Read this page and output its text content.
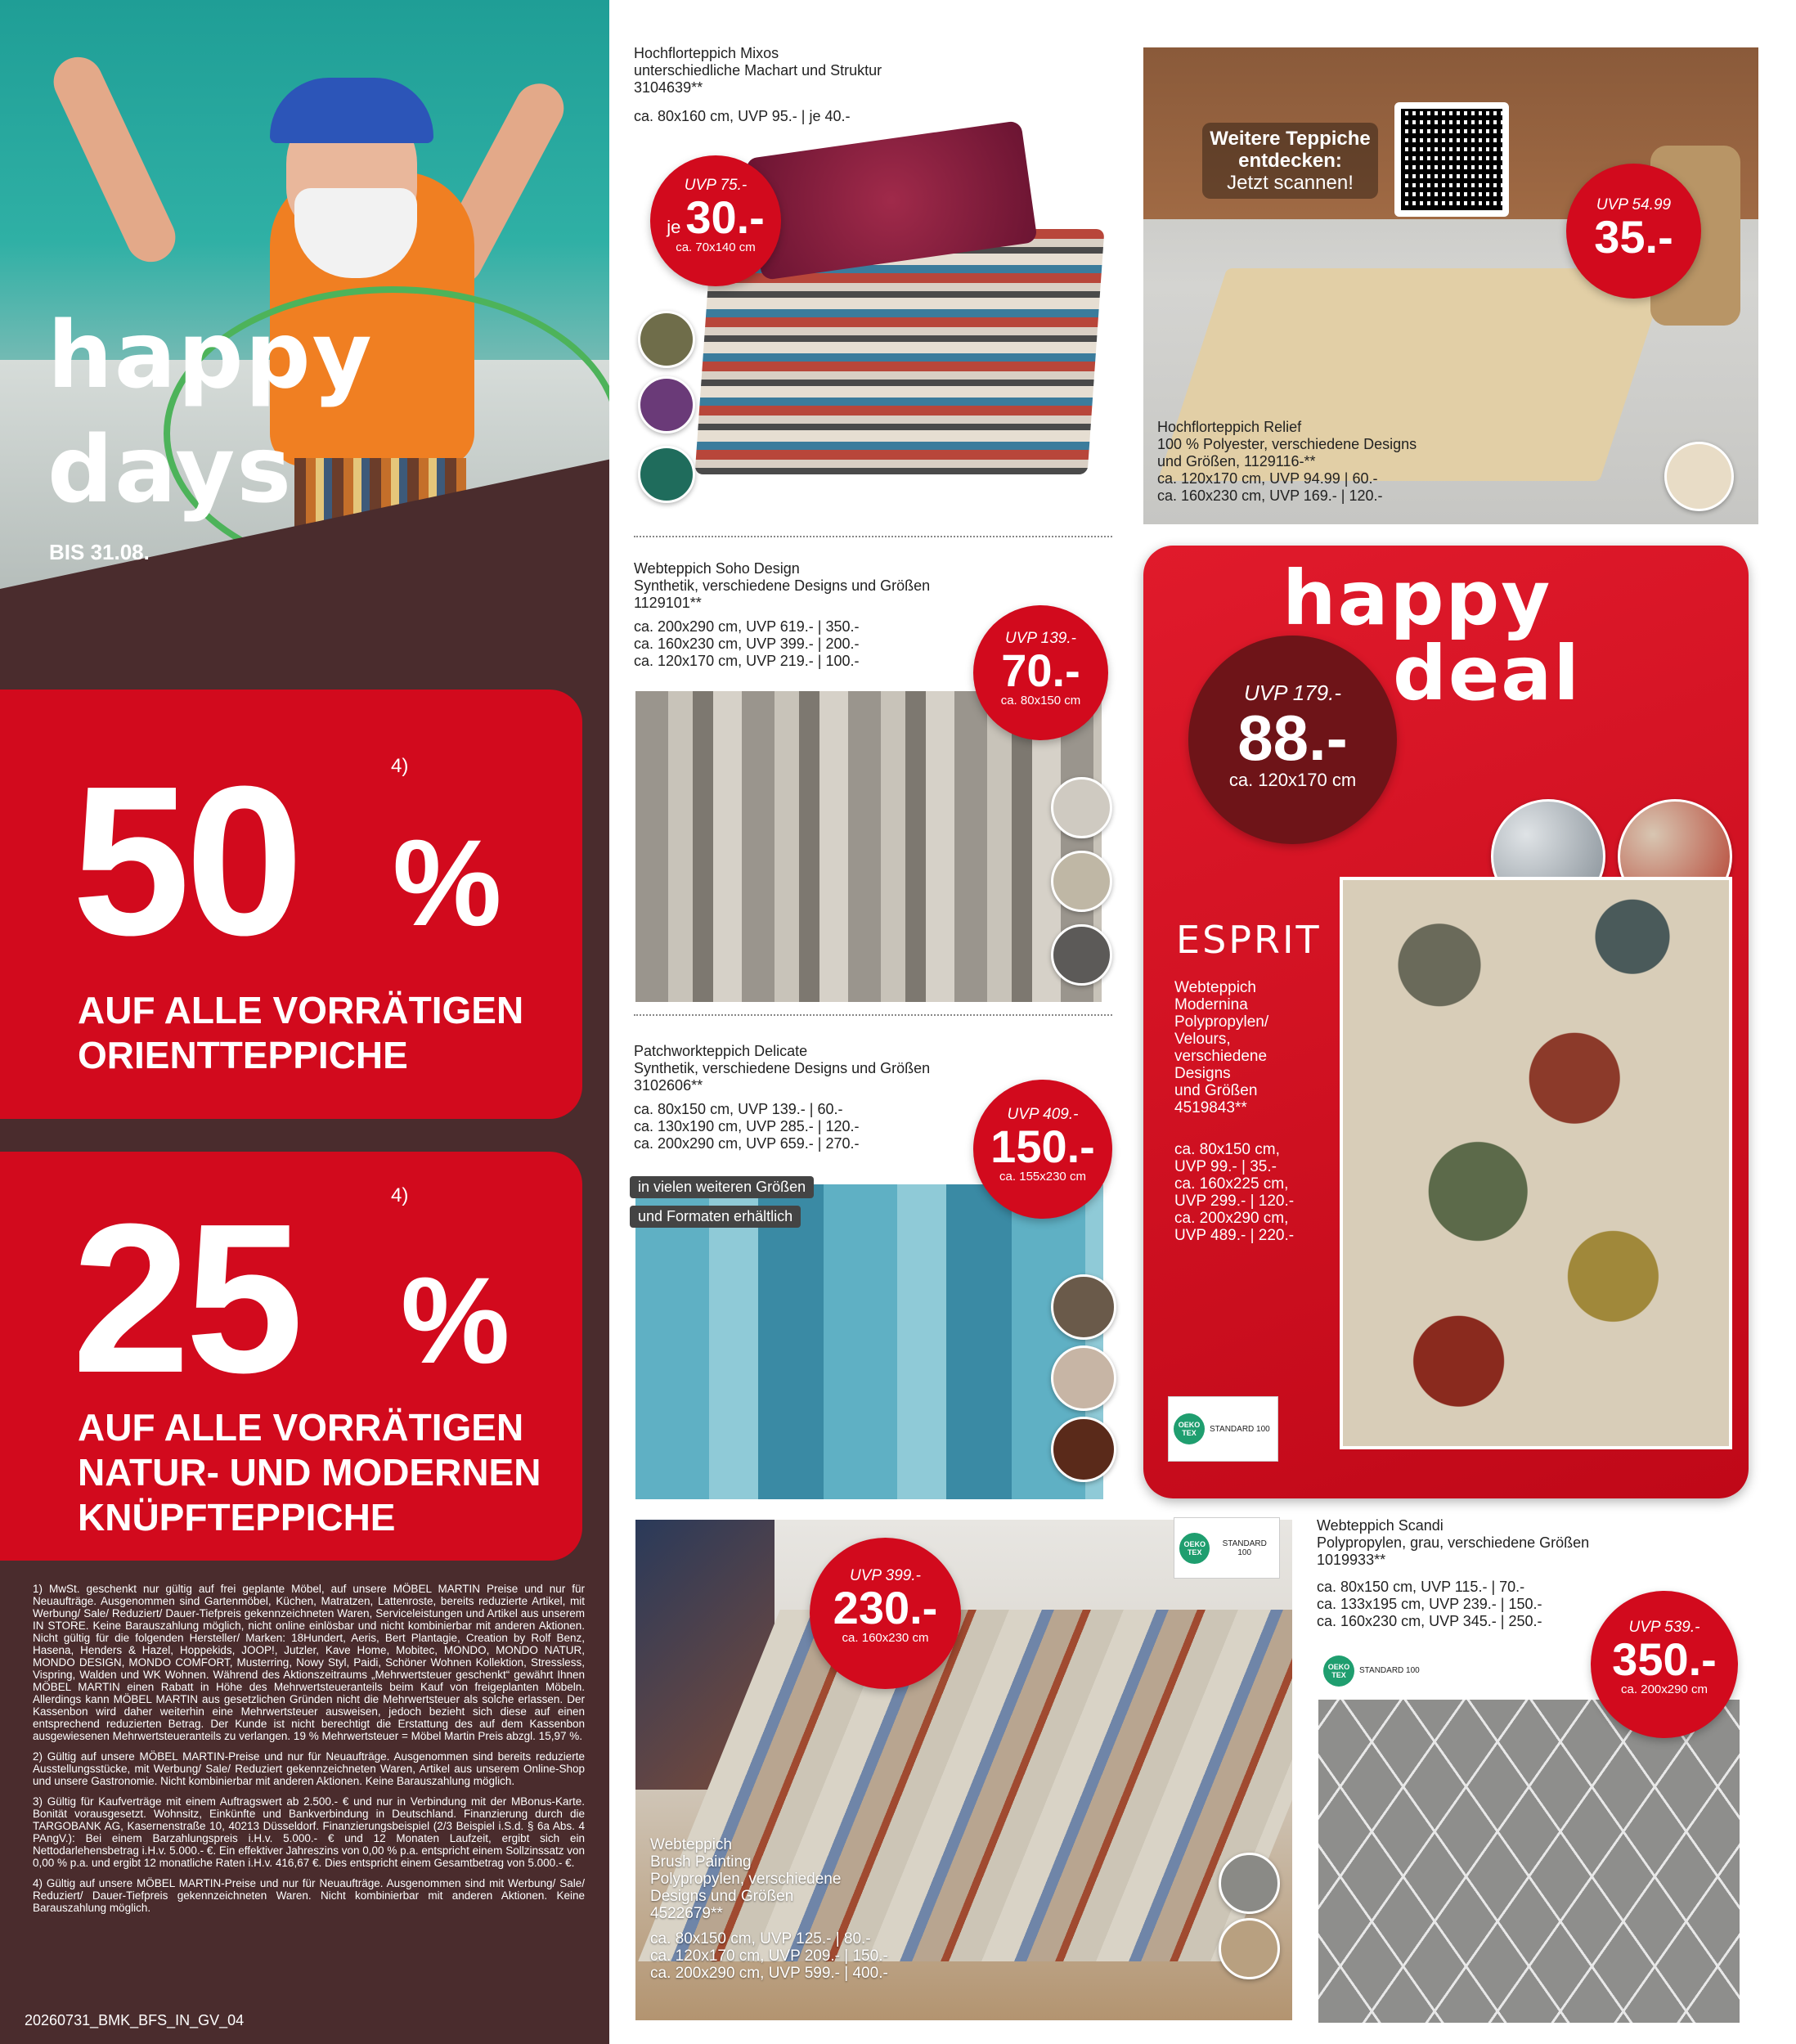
happy
days
BIS 31.08.
50 %
4)
AUF ALLE VORRÄTIGEN
ORIENTTEPPICHE
25 %
4)
AUF ALLE VORRÄTIGEN
NATUR- UND MODERNEN
KNÜPFTEPPICHE

1) MwSt. geschenkt nur gültig auf frei geplante Möbel, auf unsere MÖBEL MARTIN Preise und nur für Neuaufträge. Ausgenommen sind Gartenmöbel, Küchen, Matratzen, Lattenroste, bereits reduzierte Artikel, mit Werbung/ Sale/ Reduziert/ Dauer-Tiefpreis gekennzeichneten Waren, Serviceleistungen und Artikel aus unserem IN STORE. Keine Barauszahlung möglich, nicht online einlösbar und nicht kombinierbar mit anderen Aktionen. Nicht gültig für die folgenden Hersteller/ Marken: 18Hundert, Aeris, Bert Plantagie, Creation by Rolf Benz, Hasena, Henders & Hazel, Hoppekids, JOOP!, Jutzler, Kave Home, Mobitec, MONDO, MONDO NATUR, MONDO DESIGN, MONDO COMFORT, Musterring, Nowy Styl, Paidi, Schöner Wohnen Kollektion, Stressless, Vispring, Walden und WK Wohnen. Während des Aktionszeitraums „Mehrwertsteuer geschenkt“ gewährt Ihnen MÖBEL MARTIN einen Rabatt in Höhe des Mehrwertsteueranteils beim Kauf von freigeplanten Möbeln. Allerdings kann MÖBEL MARTIN aus gesetzlichen Gründen nicht die Mehrwertsteuer als solche erlassen. Der Kassenbon wird daher weiterhin eine Mehrwertsteuer ausweisen, jedoch bezieht sich diese auf einen entsprechend reduzierten Betrag. Der Kunde ist nicht berechtigt die Erstattung des auf dem Kassenbon ausgewiesenen Mehrwertsteueranteils zu verlangen. 19 % Mehrwertsteuer = Möbel Martin Preis abzgl. 15,97 %.

2) Gültig auf unsere MÖBEL MARTIN-Preise und nur für Neuaufträge. Ausgenommen sind bereits reduzierte Ausstellungsstücke, mit Werbung/ Sale/ Reduziert gekennzeichneten Waren, Artikel aus unserem Online-Shop und unsere Gastronomie. Nicht kombinierbar mit anderen Aktionen. Keine Barauszahlung möglich.

3) Gültig für Kaufverträge mit einem Auftragswert ab 2.500.- € und nur in Verbindung mit der MBonus-Karte. Bonität vorausgesetzt. Wohnsitz, Einkünfte und Bankverbindung in Deutschland. Finanzierung durch die TARGOBANK AG, Kasernenstraße 10, 40213 Düsseldorf. Finanzierungsbeispiel (2/3 Beispiel i.S.d. § 6a Abs. 4 PAngV.): Bei einem Barzahlungspreis i.H.v. 5.000.- € und 12 Monaten Laufzeit, ergibt sich ein Nettodarlehensbetrag i.H.v. 5.000.- €. Ein effektiver Jahreszins von 0,00 % p.a. entspricht einem Sollzinssatz von 0,00 % p.a. und ergibt 12 monatliche Raten i.H.v. 416,67 €. Dies entspricht einem Gesamtbetrag von 5.000.- €.

4) Gültig auf unsere MÖBEL MARTIN-Preise und nur für Neuaufträge. Ausgenommen sind mit Werbung/ Sale/ Reduziert/ Dauer-Tiefpreis gekennzeichneten Waren. Nicht kombinierbar mit anderen Aktionen. Keine Barauszahlung möglich.

20260731_BMK_BFS_IN_GV_04
Hochflorteppich Mixos
unterschiedliche Machart und Struktur
3104639**
ca. 80x160 cm, UVP 95.- | je 40.-
UVP 75.-
je 30.-
ca. 70x140 cm
Weitere Teppiche
entdecken:
Jetzt scannen!
UVP 54.99
35.-
Hochflorteppich Relief
100 % Polyester, verschiedene Designs
und Größen, 1129116-**
ca. 120x170 cm, UVP 94.99 | 60.-
ca. 160x230 cm, UVP 169.- | 120.-
Webteppich Soho Design
Synthetik, verschiedene Designs und Größen
1129101**
ca. 200x290 cm, UVP 619.- | 350.-
ca. 160x230 cm, UVP 399.- | 200.-
ca. 120x170 cm, UVP 219.- | 100.-
UVP 139.-
70.-
ca. 80x150 cm
happy
deal
UVP 179.-
88.-
ca. 120x170 cm
ESPRIT
Webteppich
Modernina
Polypropylen/
Velours,
verschiedene
Designs
und Größen
4519843**
ca. 80x150 cm,
UVP 99.- | 35.-
ca. 160x225 cm,
UVP 299.- | 120.-
ca. 200x290 cm,
UVP 489.- | 220.-
OEKO TEX	STANDARD 100
Patchworkteppich Delicate
Synthetik, verschiedene Designs und Größen
3102606**
ca. 80x150 cm, UVP 139.- | 60.-
ca. 130x190 cm, UVP 285.- | 120.-
ca. 200x290 cm, UVP 659.- | 270.-
in vielen weiteren Größen
und Formaten erhältlich
UVP 409.-
150.-
ca. 155x230 cm
UVP 399.-
230.-
ca. 160x230 cm
OEKO TEX
STANDARD 100
Webteppich
Brush Painting
Polypropylen, verschiedene
Designs und Größen
4522679**
ca. 80x150 cm, UVP 125.- | 80.-
ca. 120x170 cm, UVP 209.- | 150.-
ca. 200x290 cm, UVP 599.- | 400.-
Webteppich Scandi
Polypropylen, grau, verschiedene Größen
1019933**
ca. 80x150 cm, UVP 115.- | 70.-
ca. 133x195 cm, UVP 239.- | 150.-
ca. 160x230 cm, UVP 345.- | 250.-
OEKO TEX	STANDARD 100
UVP 539.-
350.-
ca. 200x290 cm
